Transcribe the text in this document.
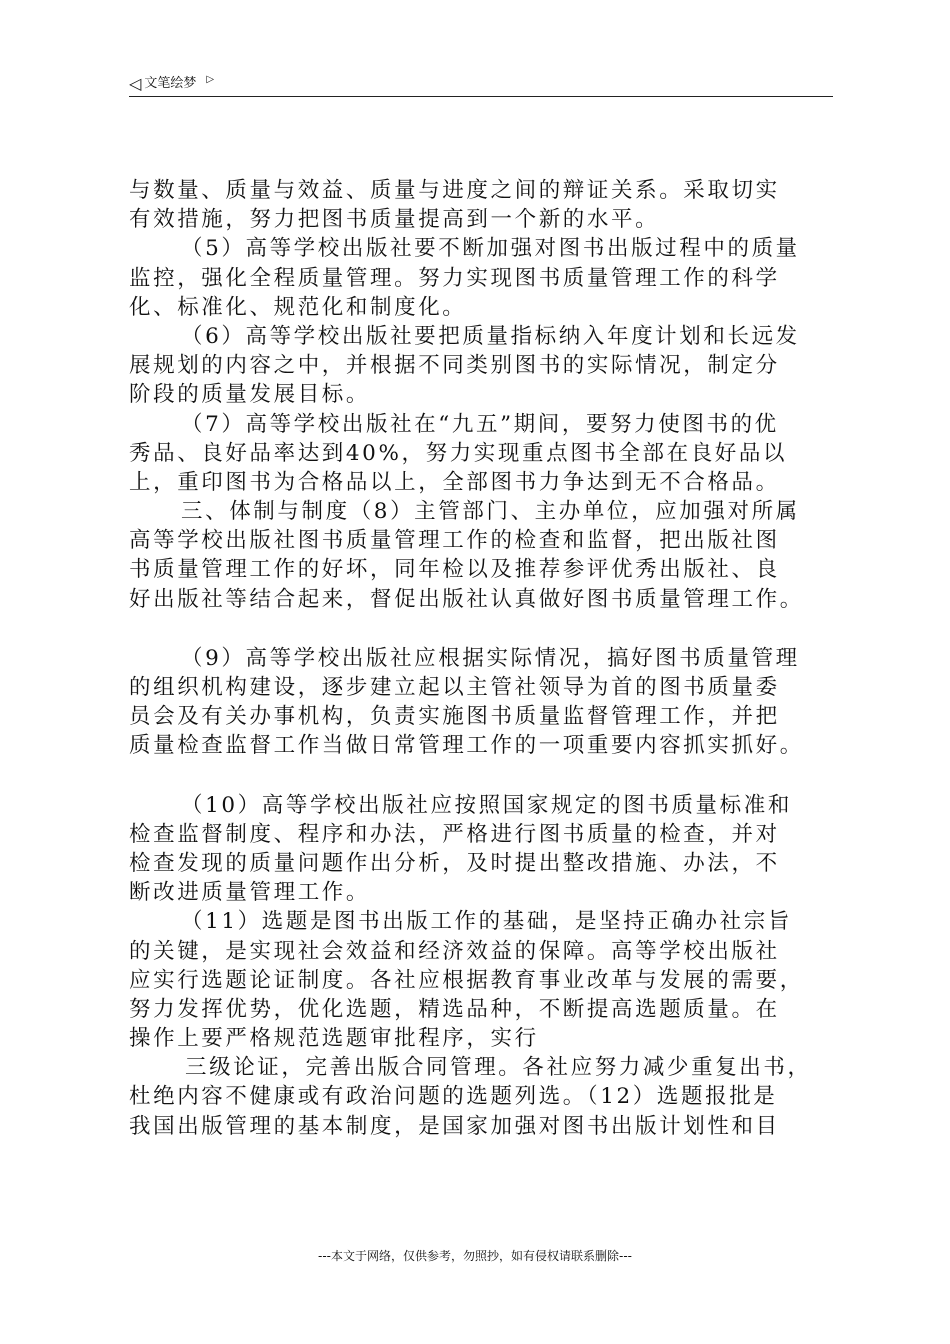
◁ 文笔绘梦 ▷
与数量、质量与效益、质量与进度之间的辩证关系。采取切实
有效措施，努力把图书质量提高到一个新的水平。
（5）高等学校出版社要不断加强对图书出版过程中的质量
监控，强化全程质量管理。努力实现图书质量管理工作的科学
化、标准化、规范化和制度化。
（6）高等学校出版社要把质量指标纳入年度计划和长远发
展规划的内容之中，并根据不同类别图书的实际情况，制定分
阶段的质量发展目标。
（7）高等学校出版社在“九五”期间，要努力使图书的优
秀品、良好品率达到40%，努力实现重点图书全部在良好品以
上，重印图书为合格品以上，全部图书力争达到无不合格品。
三、体制与制度（8）主管部门、主办单位，应加强对所属
高等学校出版社图书质量管理工作的检查和监督，把出版社图
书质量管理工作的好坏，同年检以及推荐参评优秀出版社、良
好出版社等结合起来，督促出版社认真做好图书质量管理工作。
（9）高等学校出版社应根据实际情况，搞好图书质量管理
的组织机构建设，逐步建立起以主管社领导为首的图书质量委
员会及有关办事机构，负责实施图书质量监督管理工作，并把
质量检查监督工作当做日常管理工作的一项重要内容抓实抓好。
（10）高等学校出版社应按照国家规定的图书质量标准和
检查监督制度、程序和办法，严格进行图书质量的检查，并对
检查发现的质量问题作出分析，及时提出整改措施、办法，不
断改进质量管理工作。
（11）选题是图书出版工作的基础，是坚持正确办社宗旨
的关键，是实现社会效益和经济效益的保障。高等学校出版社
应实行选题论证制度。各社应根据教育事业改革与发展的需要，
努力发挥优势，优化选题，精选品种，不断提高选题质量。在
操作上要严格规范选题审批程序，实行
三级论证，完善出版合同管理。各社应努力减少重复出书，
杜绝内容不健康或有政治问题的选题列选。（12）选题报批是
我国出版管理的基本制度，是国家加强对图书出版计划性和目
---本文于网络，仅供参考，勿照抄，如有侵权请联系删除---
